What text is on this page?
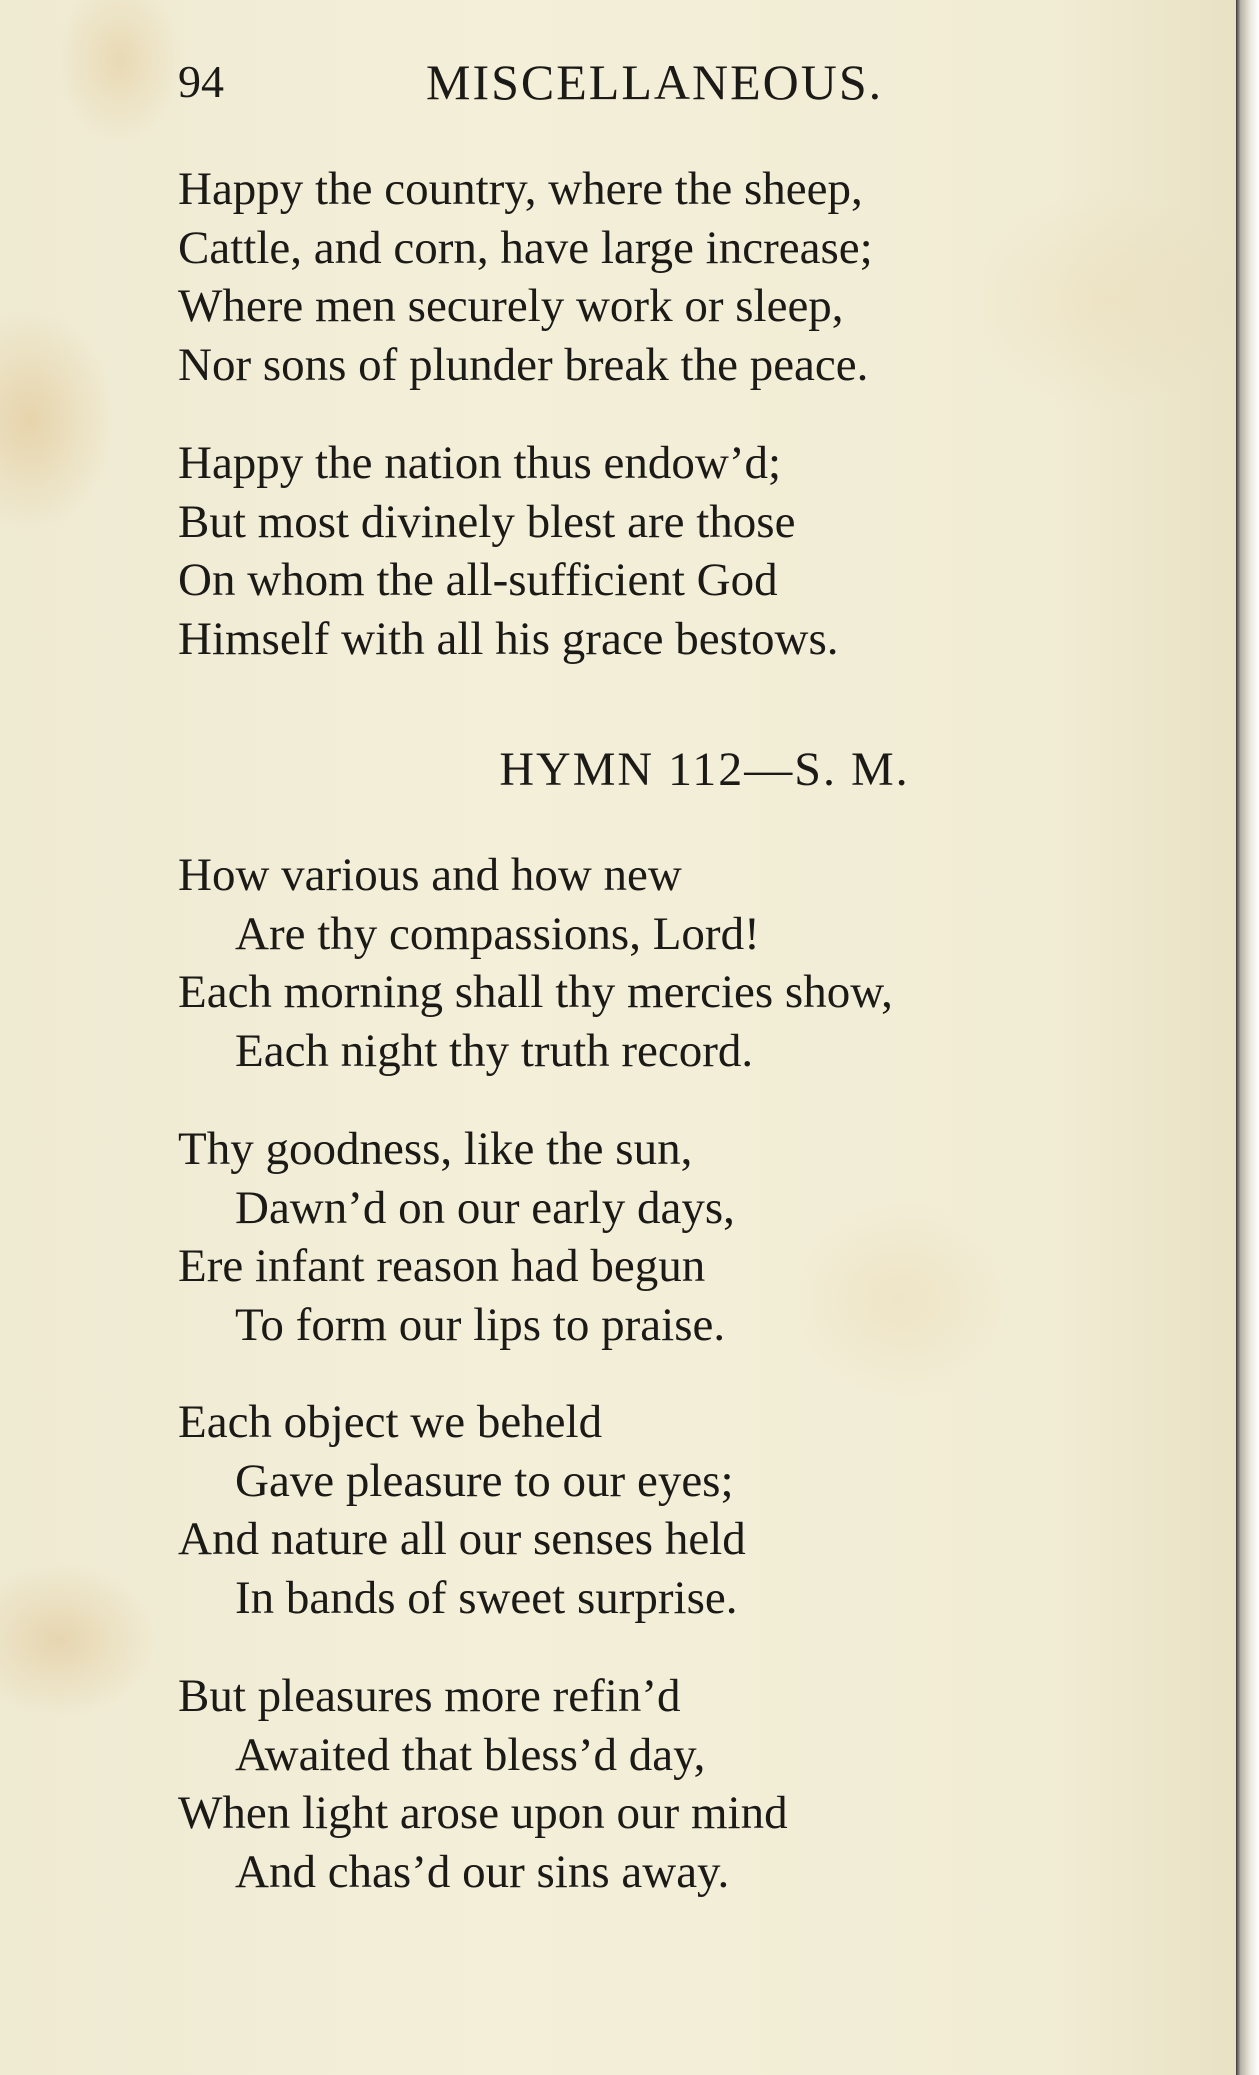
94	MISCELLANEOUS.
Happy the country, where the sheep,
Cattle, and corn, have large increase;
Where men securely work or sleep,
Nor sons of plunder break the peace.
Happy the nation thus endow’d;
But most divinely blest are those
On whom the all-sufficient God
Himself with all his grace bestows.
HYMN 112—S. M.
How various and how new
Are thy compassions, Lord!
Each morning shall thy mercies show,
Each night thy truth record.
Thy goodness, like the sun,
Dawn’d on our early days,
Ere infant reason had begun
To form our lips to praise.
Each object we beheld
Gave pleasure to our eyes;
And nature all our senses held
In bands of sweet surprise.
But pleasures more refin’d
Awaited that bless’d day,
When light arose upon our mind
And chas’d our sins away.
